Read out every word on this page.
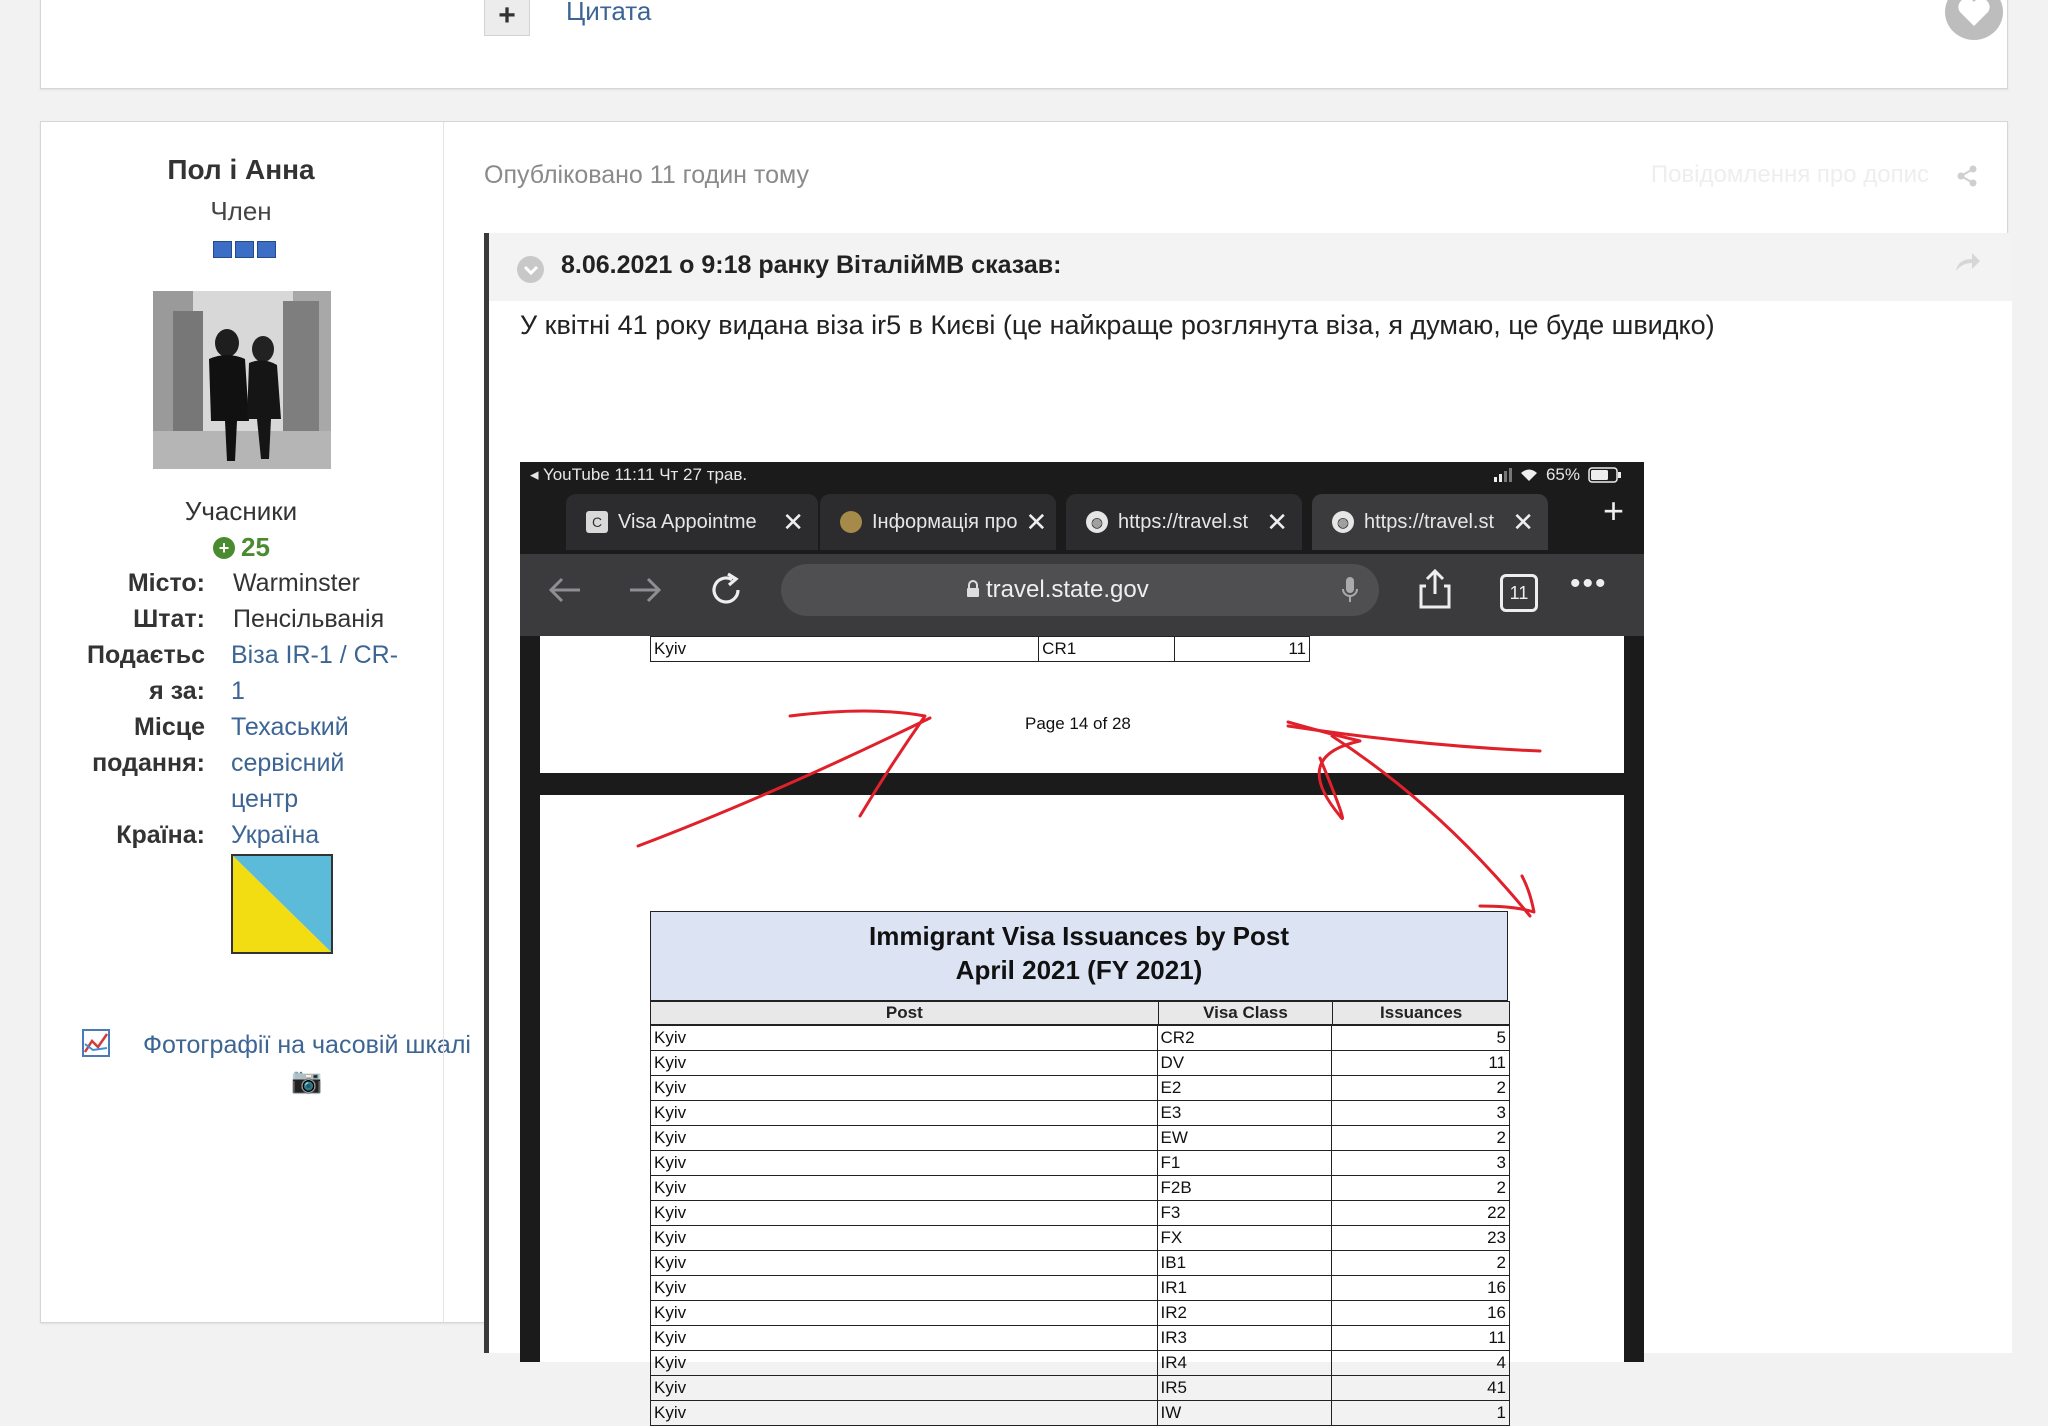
+	Цитата
Пол і Анна
Член
Учасники
+ 25
Місто: Warminster
Штат: Пенсільванія
Подаєтьс
я за:
Віза IR-1 / CR-
1
Місце
подання:
Техаський
сервісний
центр
Країна: Україна
Фотографії на часовій шкалі📷
Опубліковано 11 годин тому	Повідомлення про допис
8.06.2021 о 9:18 ранку ВіталійMB сказав:
У квітні 41 року видана віза ir5 в Києві (це найкраще розглянута віза, я думаю, це буде швидко)
◂ YouTube 11:11 Чт 27 трав.	65%
C Visa Appointme ✕	Інформація про ✕	◍ https://travel.st ✕	◍ https://travel.st ✕ +
travel.state.gov	11	•••
Kyiv	CR1	11
Page 14 of 28
Immigrant Visa Issuances by Post
April 2021 (FY 2021)
Post	Visa Class	Issuances
Kyiv	CR2	5
Kyiv	DV	11
Kyiv	E2	2
Kyiv	E3	3
Kyiv	EW	2
Kyiv	F1	3
Kyiv	F2B	2
Kyiv	F3	22
Kyiv	FX	23
Kyiv	IB1	2
Kyiv	IR1	16
Kyiv	IR2	16
Kyiv	IR3	11
Kyiv	IR4	4
Kyiv	IR5	41
Kyiv	IW	1
